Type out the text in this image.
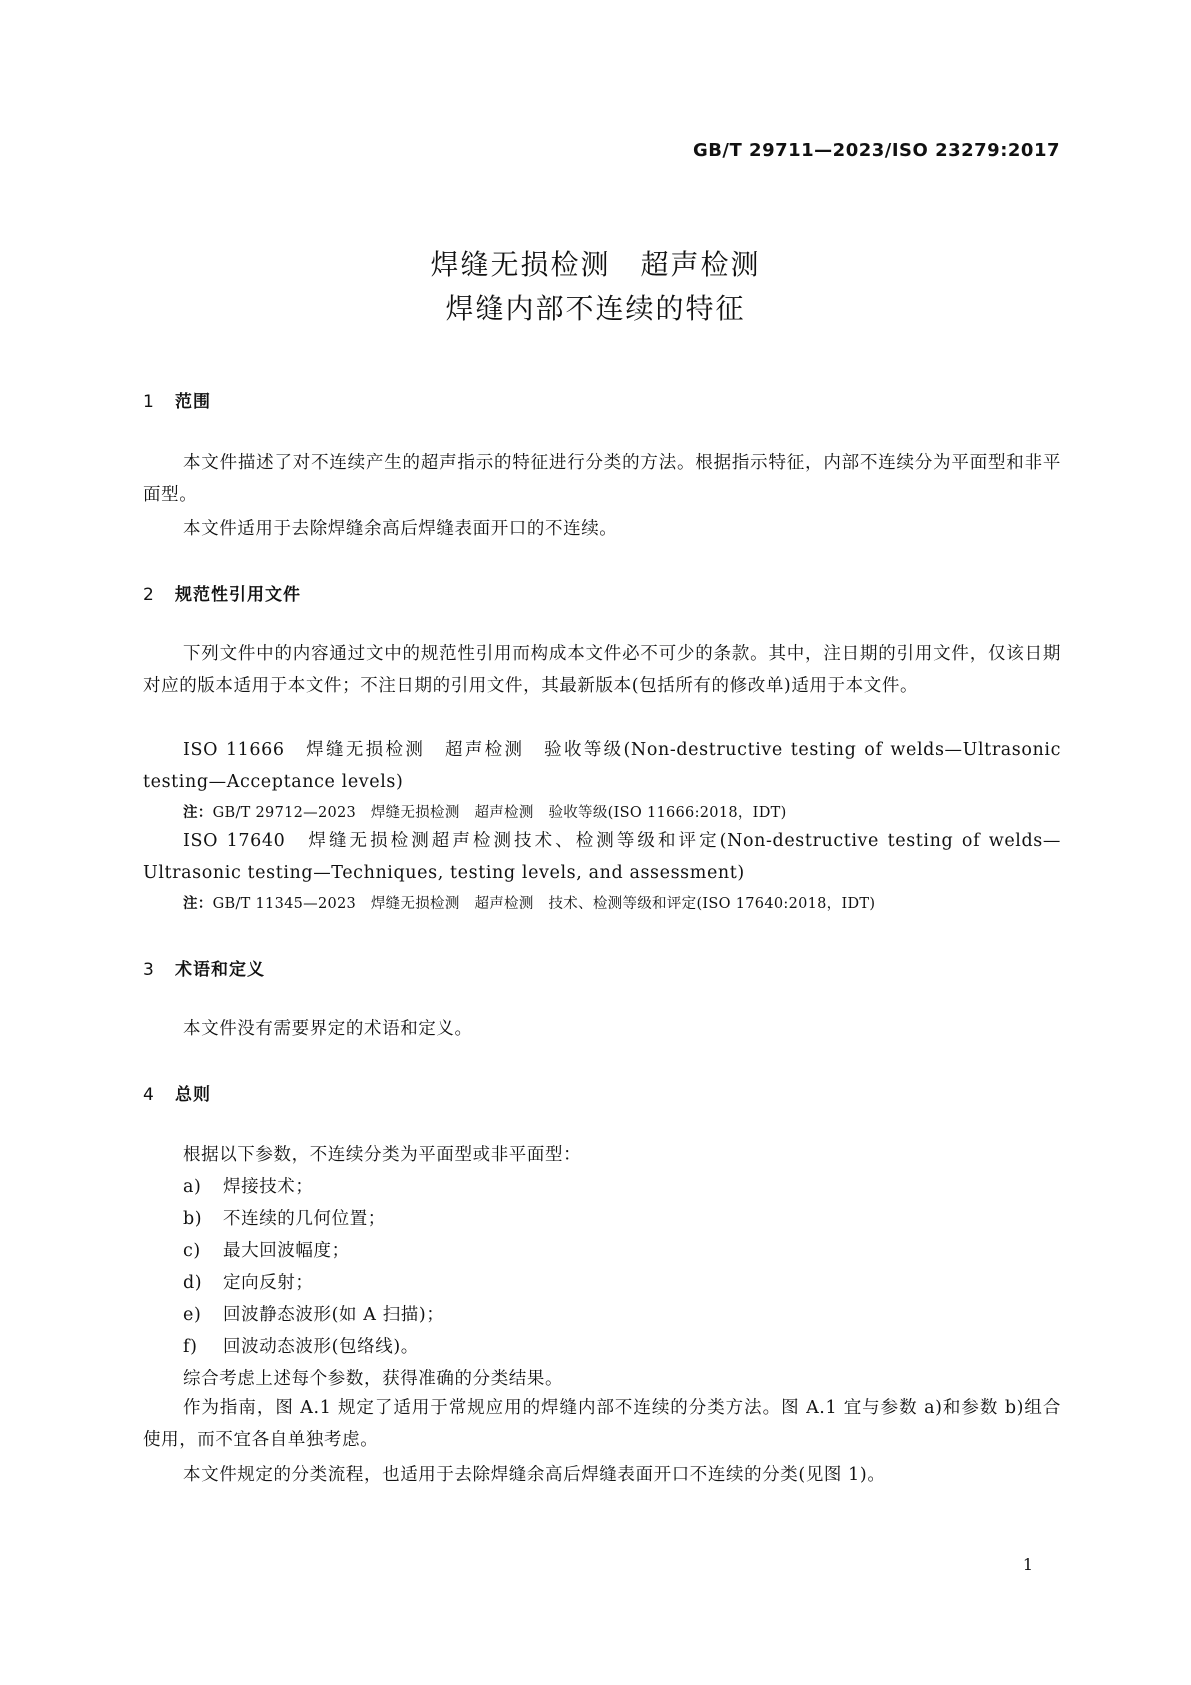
GB/T 29711—2023/ISO 23279:2017
焊缝无损检测　超声检测
焊缝内部不连续的特征
1 范围
本文件描述了对不连续产生的超声指示的特征进行分类的方法。根据指示特征，内部不连续分为平面型和非平面型。
本文件适用于去除焊缝余高后焊缝表面开口的不连续。
2 规范性引用文件
下列文件中的内容通过文中的规范性引用而构成本文件必不可少的条款。其中，注日期的引用文件，仅该日期对应的版本适用于本文件；不注日期的引用文件，其最新版本(包括所有的修改单)适用于本文件。
ISO 11666　焊缝无损检测　超声检测　验收等级(Non-destructive testing of welds—Ultrasonic testing—Acceptance levels)
注：GB/T 29712—2023　焊缝无损检测　超声检测　验收等级(ISO 11666:2018，IDT)
ISO 17640　焊缝无损检测超声检测技术、检测等级和评定(Non-destructive testing of welds—Ultrasonic testing—Techniques, testing levels, and assessment)
注：GB/T 11345—2023　焊缝无损检测　超声检测　技术、检测等级和评定(ISO 17640:2018，IDT)
3 术语和定义
本文件没有需要界定的术语和定义。
4 总则
根据以下参数，不连续分类为平面型或非平面型：
a) 焊接技术；
b) 不连续的几何位置；
c) 最大回波幅度；
d) 定向反射；
e) 回波静态波形(如 A 扫描)；
f) 回波动态波形(包络线)。
综合考虑上述每个参数，获得准确的分类结果。
作为指南，图 A.1 规定了适用于常规应用的焊缝内部不连续的分类方法。图 A.1 宜与参数 a)和参数 b)组合使用，而不宜各自单独考虑。
本文件规定的分类流程，也适用于去除焊缝余高后焊缝表面开口不连续的分类(见图 1)。
1
